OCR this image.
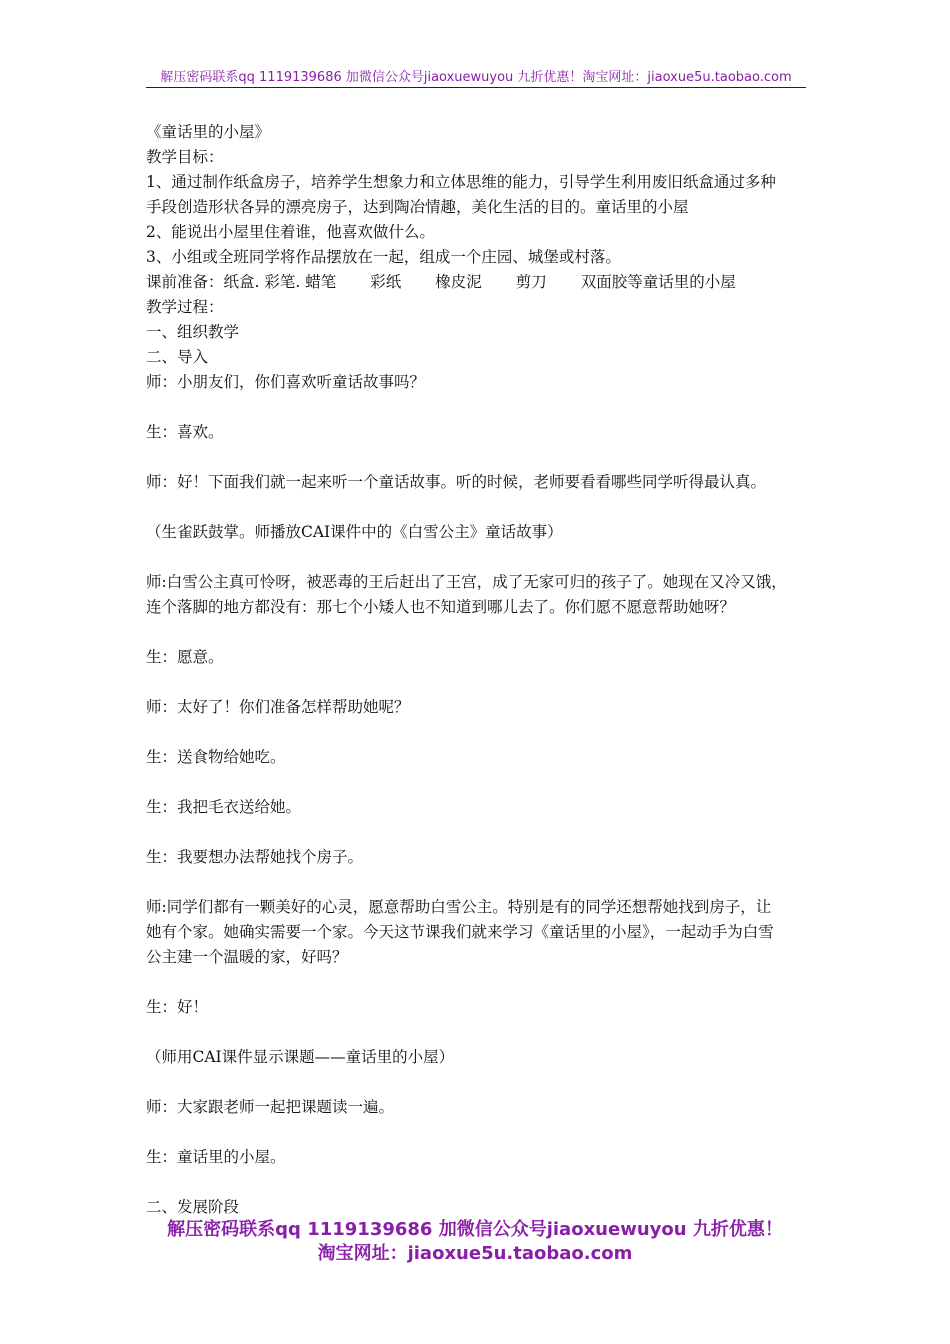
解压密码联系qq 1119139686 加微信公众号jiaoxuewuyou 九折优惠！淘宝网址：jiaoxue5u.taobao.com

《童话里的小屋》

教学目标：

1、通过制作纸盒房子，培养学生想象力和立体思维的能力，引导学生利用废旧纸盒通过多种

手段创造形状各异的漂亮房子，达到陶冶情趣，美化生活的目的。童话里的小屋

2、能说出小屋里住着谁，他喜欢做什么。

3、小组或全班同学将作品摆放在一起，组成一个庄园、城堡或村落。

课前准备：纸盒. 彩笔. 蜡笔 彩纸 橡皮泥 剪刀 双面胶等童话里的小屋

教学过程：

一、组织教学

二、导入

师：小朋友们，你们喜欢听童话故事吗？

生：喜欢。

师：好！下面我们就一起来听一个童话故事。听的时候，老师要看看哪些同学听得最认真。

（生雀跃鼓掌。师播放CAI课件中的《白雪公主》童话故事）

师:白雪公主真可怜呀，被恶毒的王后赶出了王宫，成了无家可归的孩子了。她现在又冷又饿，

连个落脚的地方都没有：那七个小矮人也不知道到哪儿去了。你们愿不愿意帮助她呀？

生：愿意。

师：太好了！你们准备怎样帮助她呢？

生：送食物给她吃。

生：我把毛衣送给她。

生：我要想办法帮她找个房子。

师:同学们都有一颗美好的心灵，愿意帮助白雪公主。特别是有的同学还想帮她找到房子，让

她有个家。她确实需要一个家。今天这节课我们就来学习《童话里的小屋》，一起动手为白雪

公主建一个温暖的家，好吗？

生：好！

（师用CAI课件显示课题——童话里的小屋）

师：大家跟老师一起把课题读一遍。

生：童话里的小屋。

二、发展阶段

解压密码联系qq 1119139686 加微信公众号jiaoxuewuyou 九折优惠！
淘宝网址：jiaoxue5u.taobao.com
